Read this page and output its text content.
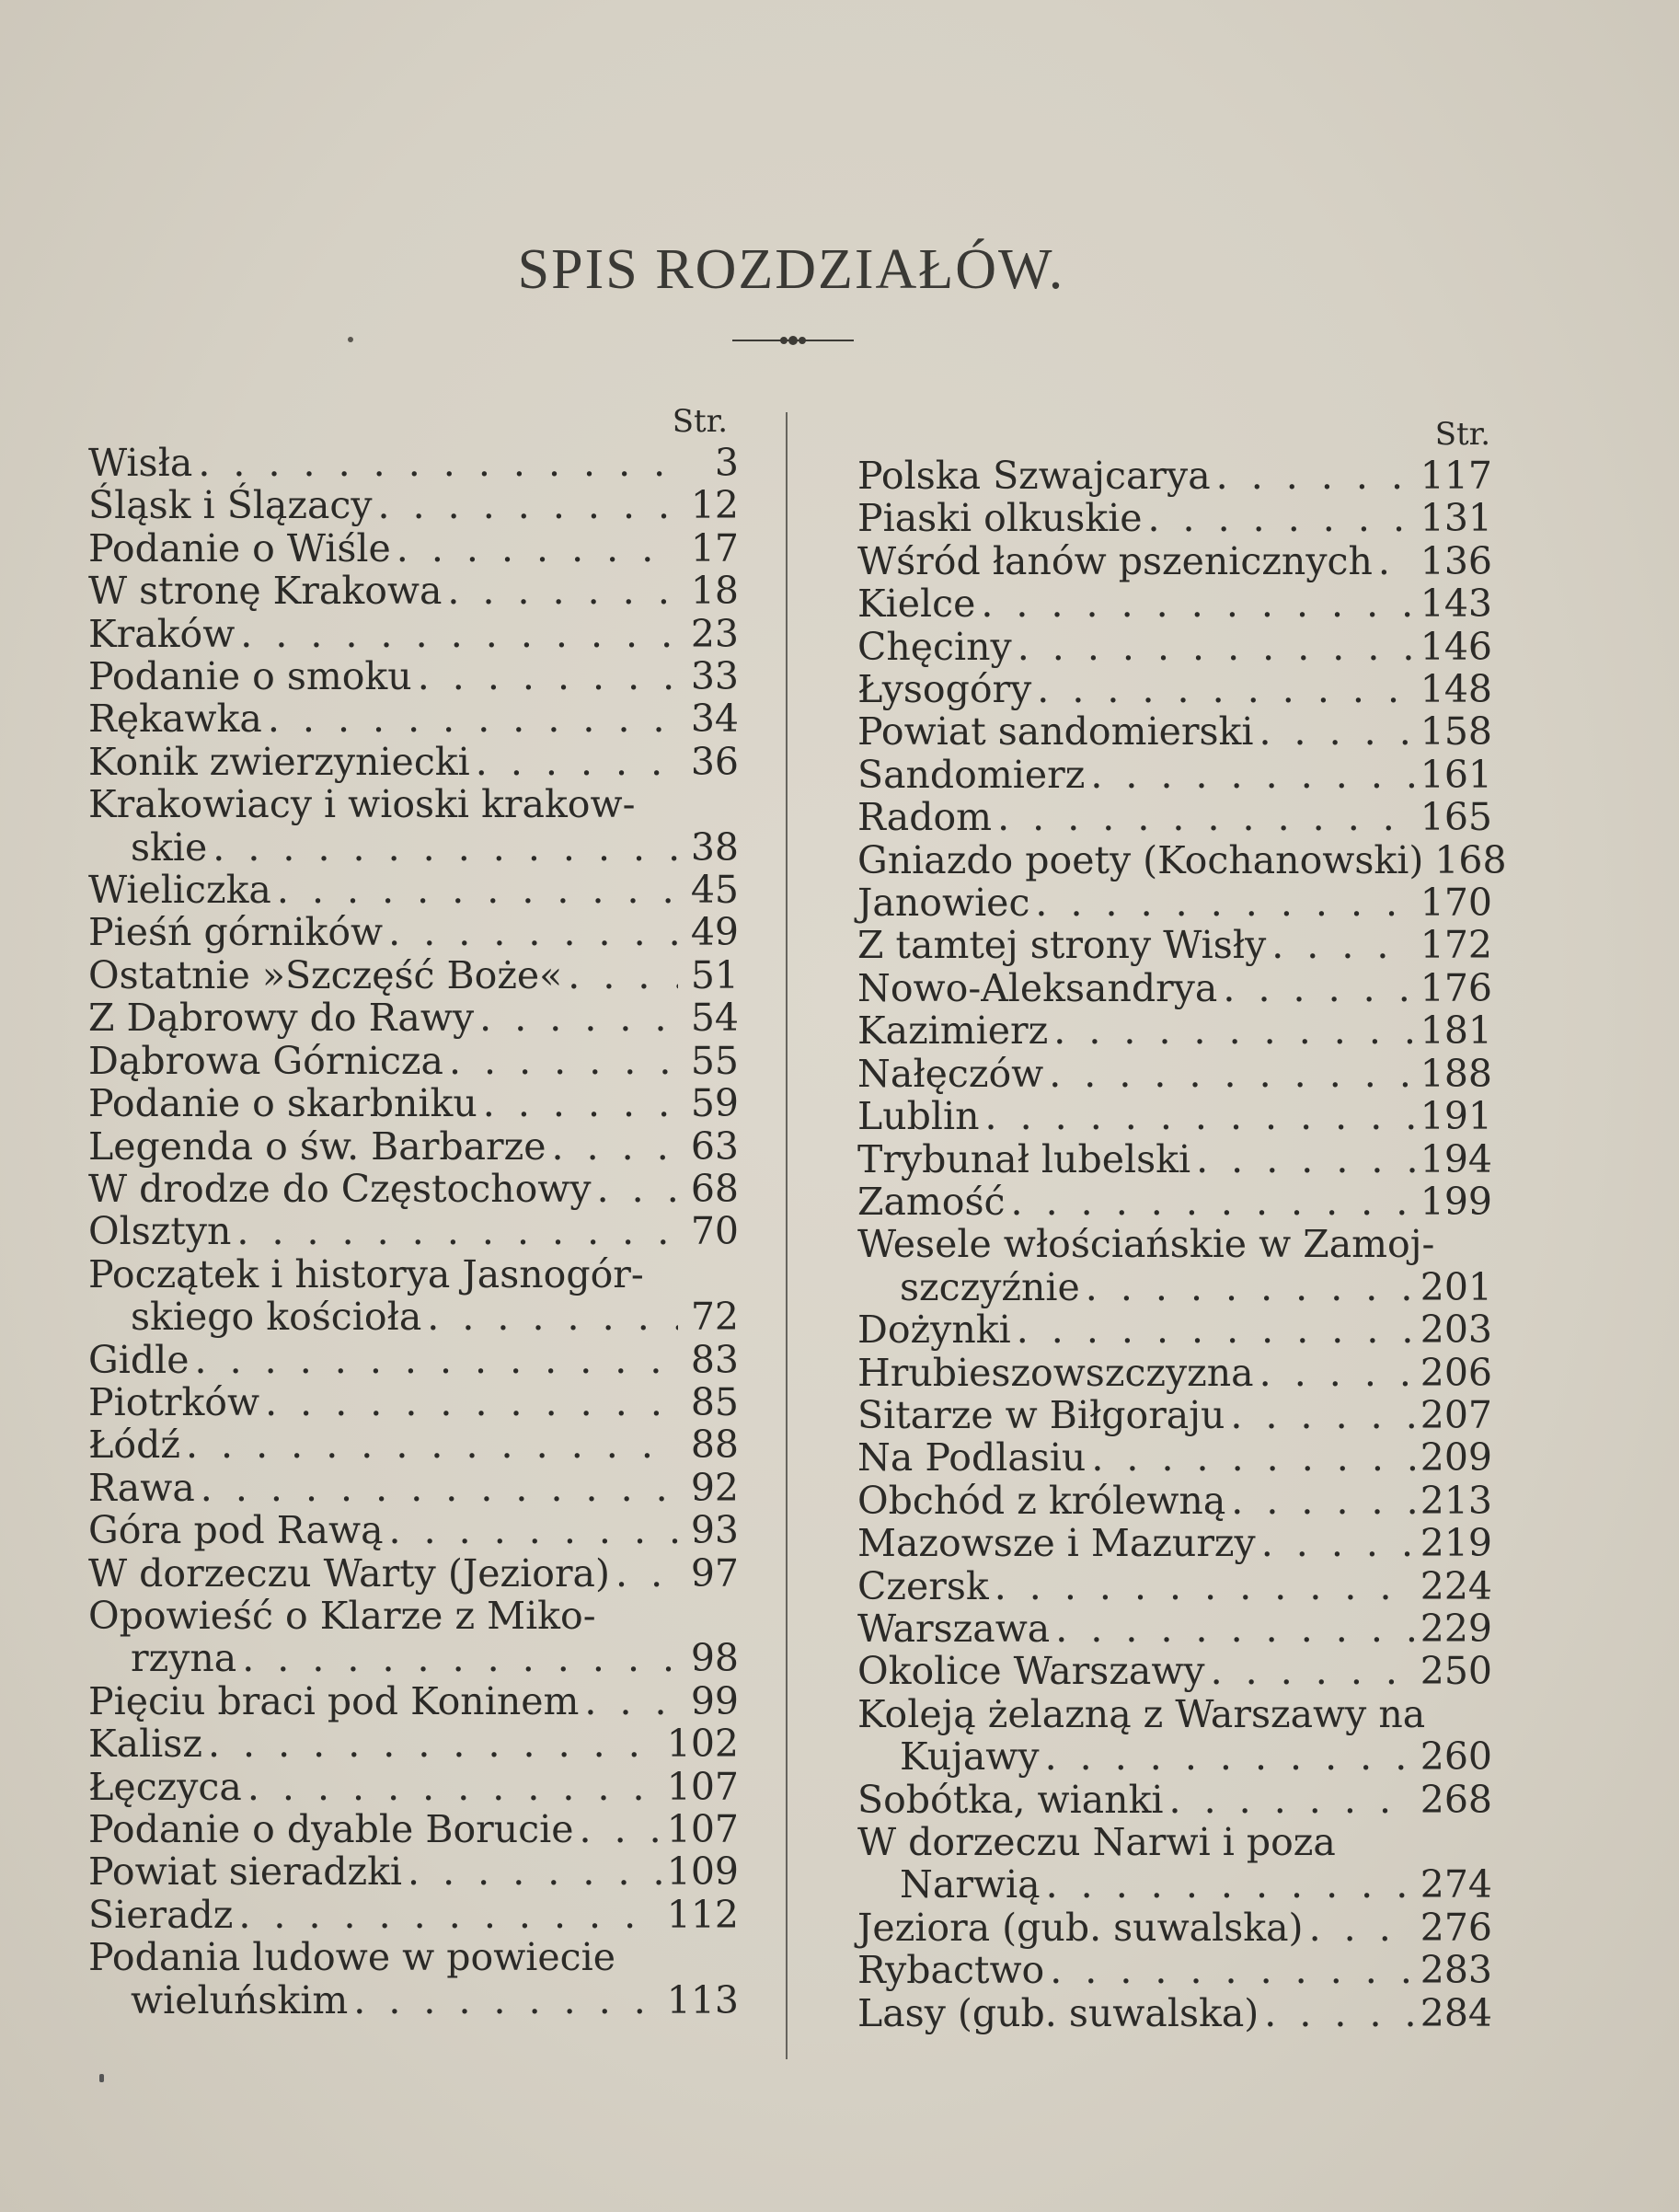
SPIS ROZDZIAŁÓW.
Str.
Wisła . . .	3
Śląsk i Ślązacy . . .	12
Podanie o Wiśle . . .	17
W stronę Krakowa . . .	18
Kraków . . .	23
Podanie o smoku . . .	33
Rękawka . . .	34
Konik zwierzyniecki . . .	36
Krakowiacy i wioski krakow-
skie . . .	38
Wieliczka . . .	45
Pieśń górników . . .	49
Ostatnie »Szczęść Boże« . . .	51
Z Dąbrowy do Rawy . . .	54
Dąbrowa Górnicza . . .	55
Podanie o skarbniku . . .	59
Legenda o św. Barbarze . . .	63
W drodze do Częstochowy . . .	68
Olsztyn . . .	70
Początek i historya Jasnogór-
skiego kościoła . . .	72
Gidle . . .	83
Piotrków . . .	85
Łódź . . .	88
Rawa . . .	92
Góra pod Rawą . . .	93
W dorzeczu Warty (Jeziora) . . . 97
Opowieść o Klarze z Miko-
rzyna . . .	98
Pięciu braci pod Koninem . . .	99
Kalisz . . .	102
Łęczyca . . .	107
Podanie o dyable Borucie . . . 107
Powiat sieradzki . . .	109
Sieradz . . .	112
Podania ludowe w powiecie
wieluńskim . . .	113
Str.
Polska Szwajcarya . . .	117
Piaski olkuskie . . .	131
Wśród łanów pszenicznych . . . 136
Kielce . . .	143
Chęciny . . .	146
Łysogóry . . .	148
Powiat sandomierski . . .	158
Sandomierz . . .	161
Radom . . .	165
Gniazdo poety (Kochanowski) 168
Janowiec . . .	170
Z tamtej strony Wisły . . .	172
Nowo-Aleksandrya . . .	176
Kazimierz . . .	181
Nałęczów . . .	188
Lublin . . .	191
Trybunał lubelski . . .	194
Zamość . . .	199
Wesele włościańskie w Zamoj-
szczyźnie . . .	201
Dożynki . . .	203
Hrubieszowszczyzna . . .	206
Sitarze w Biłgoraju . . .	207
Na Podlasiu . . .	209
Obchód z królewną . . .	213
Mazowsze i Mazurzy . . .	219
Czersk . . .	224
Warszawa . . .	229
Okolice Warszawy . . .	250
Koleją żelazną z Warszawy na
Kujawy . . .	260
Sobótka, wianki . . .	268
W dorzeczu Narwi i poza
Narwią . . .	274
Jeziora (gub. suwalska) . . .	276
Rybactwo . . .	283
Lasy (gub. suwalska) . . .	284
